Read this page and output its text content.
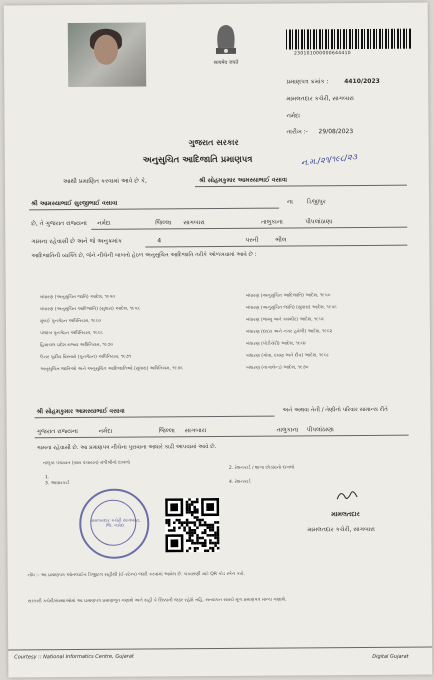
सत्यमेव जयते
230101000000644410
પ્રમાણપત્ર ક્રમાંક :	4410/2023
મામલતદાર કચેરી, સાગબારા
નર્મદા
તારીખ :- 29/08/2023
ન.મ./૨૧/૧૯૮/૨૩
ગુજરાત સરકાર
અનુસુચિત આદિજાતિ પ્રમાણપત્ર
આથી પ્રમાણિત કરવામાં આવે છે કે,	શ્રી સોહમકુમાર આમસ્યાભાઈ વસાવા
શ્રી આમસ્યાભાઈ સુરજીભાઈ વસાવા	ના ડિજીપુર
છે, તે ગુજરાત રાજ્યના નર્મદા	જિલ્લા સાગબારા	તાલુકાના	પીપલાંઠાણા
ગામના રહેવાસી છે અને જે અનુક્રમાંક	4	પરની	ભીલ
આદિજાતિની વ્યક્તિ છે, જેને નીચેની બાબતો હેઠળ અનુસુચિત આદિજાતિ તરીકે ઓળખવામાં આવે છે :
બંધારણ (અનુસુચિત જાતિ) આદેશ, ૧૯૫૦
બંધારણ (અનુસુચિત આદિજાતિ) (સુધારા) આદેશ, ૧૯૫૬
મુંબઈ પુનર્ગઠન અધિનિયમ, ૧૯૬૦
પંજાબ પુનર્ગઠન અધિનિયમ, ૧૯૬૬
હિમાચલ પ્રદેશ રાજ્ય અધિનિયમ, ૧૯૭૦
ઉત્તર પૂર્વીય વિસ્તારો (પુનર્ગઠન) અધિનિયમ, ૧૯૭૧
અનુસુચિત જાતિઓ અને અનુસુચિત આદિજાતિઓ (સુધારા) અધિનિયમ, ૧૯૭૬
બંધારણ (અનુસુચિત આદિજાતિ) આદેશ, ૧૯૫૦
બંધારણ (અનુસુચિત જાતિ) (સુધારા) આદેશ, ૧૯૫૬
બંધારણ (જમ્મુ અને કાશ્મીર) આદેશ, ૧૯૫૬
બંધારણ (દાદરા અને નગર હવેલી) આદેશ, ૧૯૬૨
બંધારણ (પોંડીચેરી) આદેશ, ૧૯૬૪
બંધારણ (ગોવા, દમણ અને દીવ) આદેશ, ૧૯૬૮
બંધારણ (નાગાલેન્ડ) આદેશ, ૧૯૭૦
શ્રી સોહમકુમાર આમસ્યાભાઈ વસાવા	અને અથવા તેની / તેણીનો પરિવાર સામાન્ય રીતે
ગુજરાત રાજ્યના	નર્મદા	જિલ્લા સાગબારા	તાલુકાના પીપલાંઠાણા
ગામના રહેવાસી છે. આ પ્રમાણપત્ર નીચેના પુરાવાના આધારે કાઢી આપવામાં આવે છે.
તાલુકા પંચાયત (ગ્રામ પંચાયત) મંત્રીશ્રીનો દાખલો
1.
2. રેશનકાર્ડ / શાળા છોડ્યાનો દાખલો
3. આધારકાર્ડ	4. રેશનકાર્ડ
મામલતદાર કચેરી સાગબારા, જિ. નર્મદા
મામલતદાર
મામલતદાર કચેરી, સાગબારા
નોંધ :- આ પ્રમાણપત્ર ઓનલાઈન ડિજીટલ સહીથી (ઈ-સ્ટેમ્પ) જારી કરવામાં આવેલ છે. ચકાસણી માટે QR કોડ સ્કેન કરો.
સરકારી કચેરી/સંસ્થાઓમાં આ પ્રમાણપત્ર પ્રમાણભૂત ગણાશે અને સહી કે સિક્કાની જરૂર રહેશે નહિ. સત્યાપન સમયે મૂળ પ્રમાણપત્ર માન્ય ગણાશે.
Courtesy :: National Informatics Centre, Gujarat	Digital Gujarat
